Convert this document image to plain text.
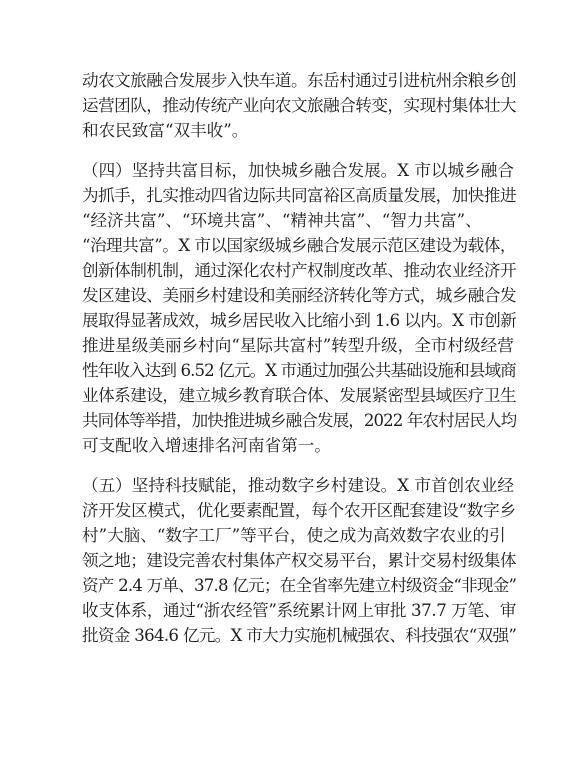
动农文旅融合发展步入快车道。东岳村通过引进杭州余粮乡创
运营团队，推动传统产业向农文旅融合转变，实现村集体壮大
和农民致富“双丰收”。
（四）坚持共富目标，加快城乡融合发展。X 市以城乡融合
为抓手，扎实推动四省边际共同富裕区高质量发展，加快推进
“经济共富”、“环境共富”、“精神共富”、“智力共富”、
“治理共富”。X 市以国家级城乡融合发展示范区建设为载体，
创新体制机制，通过深化农村产权制度改革、推动农业经济开
发区建设、美丽乡村建设和美丽经济转化等方式，城乡融合发
展取得显著成效，城乡居民收入比缩小到 1.6 以内。X 市创新
推进星级美丽乡村向“星际共富村”转型升级，全市村级经营
性年收入达到 6.52 亿元。X 市通过加强公共基础设施和县域商
业体系建设，建立城乡教育联合体、发展紧密型县域医疗卫生
共同体等举措，加快推进城乡融合发展，2022 年农村居民人均
可支配收入增速排名河南省第一。
（五）坚持科技赋能，推动数字乡村建设。X 市首创农业经
济开发区模式，优化要素配置，每个农开区配套建设“数字乡
村”大脑、“数字工厂”等平台，使之成为高效数字农业的引
领之地；建设完善农村集体产权交易平台，累计交易村级集体
资产 2.4 万单、37.8 亿元；在全省率先建立村级资金“非现金”
收支体系，通过“浙农经管”系统累计网上审批 37.7 万笔、审
批资金 364.6 亿元。X 市大力实施机械强农、科技强农“双强”
